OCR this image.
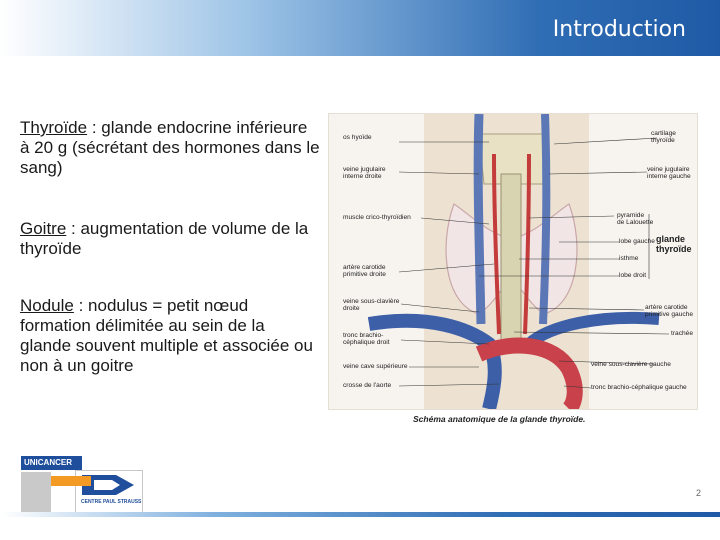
Introduction
Thyroïde : glande endocrine inférieure à 20 g (sécrétant des hormones dans le sang)
Goitre : augmentation de volume de la thyroïde
Nodule : nodulus = petit nœud formation délimitée au sein de la glande souvent multiple et associée ou non à un goitre
os hyoïde
veine jugulaire
interne droite
muscle crico-thyroïdien
artère carotide
primitive droite
veine sous-clavière
droite
tronc brachio-
céphalique droit
veine cave supérieure
crosse de l'aorte
cartilage
thyroïde
veine jugulaire
interne gauche
pyramide
de Lalouette
lobe gauche
isthme
lobe droit
artère carotide
primitive gauche
trachée
veine sous-clavière gauche
tronc brachio-céphalique gauche
glande
thyroïde
Schéma anatomique de la glande thyroïde.
UNICANCER
CENTRE PAUL STRAUSS
2
